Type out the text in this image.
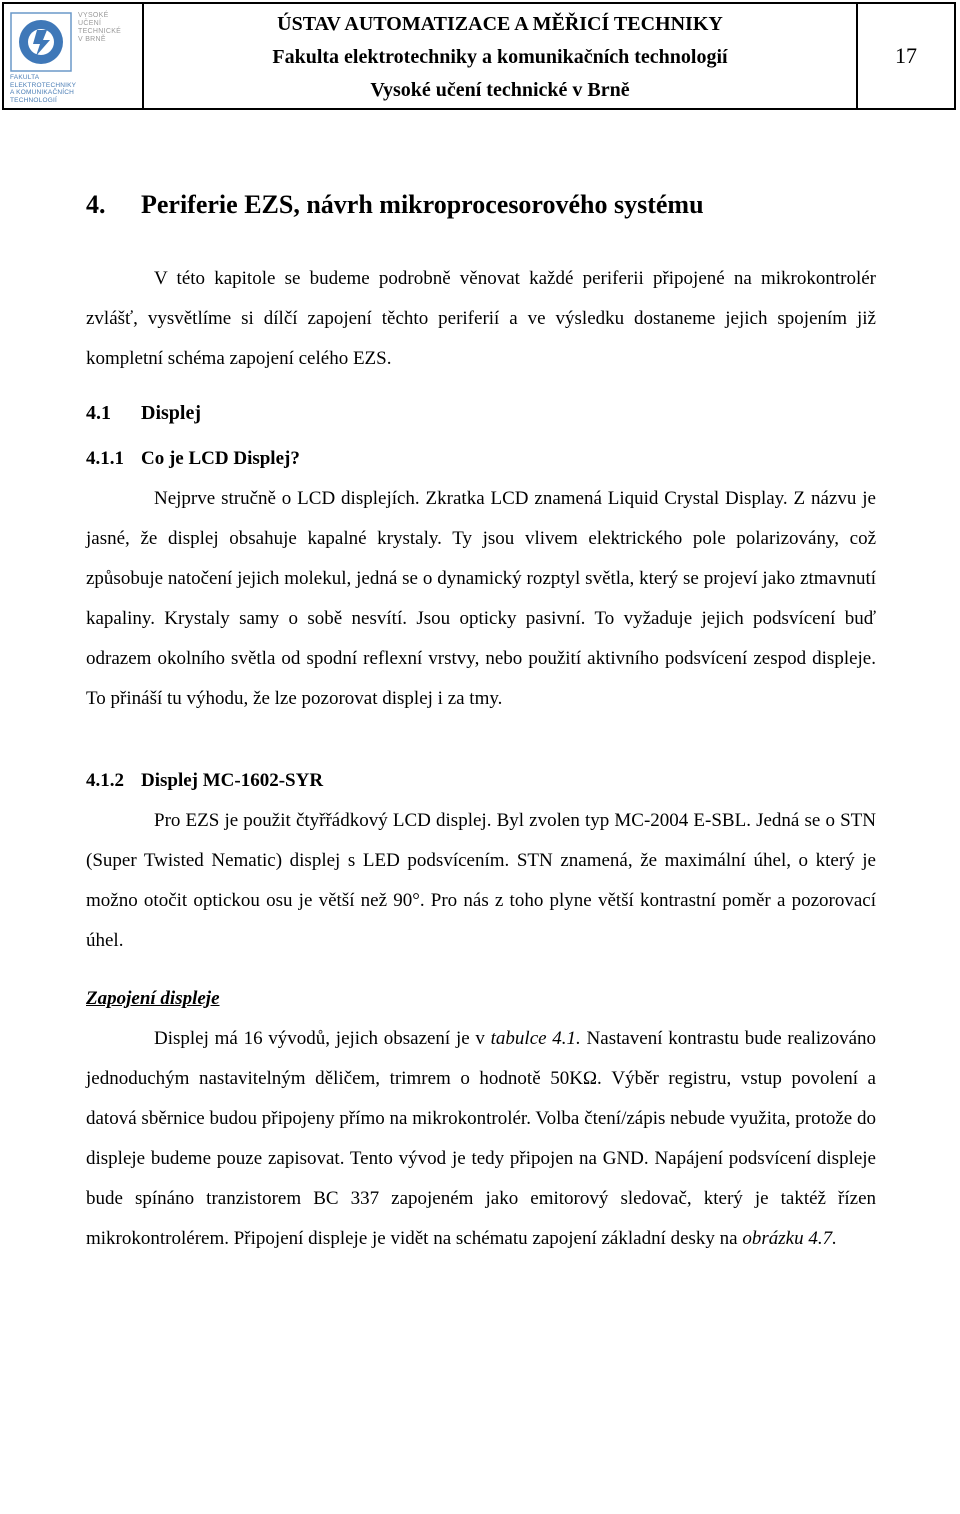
VYSOKÉ
UČENÍ
TECHNICKÉ
V BRNĚ
FAKULTA
ELEKTROTECHNIKY
A KOMUNIKAČNÍCH
TECHNOLOGIÍ
ÚSTAV AUTOMATIZACE A MĚŘICÍ TECHNIKY
Fakulta elektrotechniky a komunikačních technologií
Vysoké učení technické v Brně
17
4.	Periferie EZS, návrh mikroprocesorového systému

V této kapitole se budeme podrobně věnovat každé periferii připojené na mikrokontrolér zvlášť, vysvětlíme si dílčí zapojení těchto periferií a ve výsledku dostaneme jejich spojením již kompletní schéma zapojení celého EZS.

4.1 Displej
4.1.1 Co je LCD Displej?

Nejprve stručně o LCD displejích. Zkratka LCD znamená Liquid Crystal Display. Z názvu je jasné, že displej obsahuje kapalné krystaly. Ty jsou vlivem elektrického pole polarizovány, což způsobuje natočení jejich molekul, jedná se o dynamický rozptyl světla, který se projeví jako ztmavnutí kapaliny. Krystaly samy o sobě nesvítí. Jsou opticky pasivní. To vyžaduje jejich podsvícení buď odrazem okolního světla od spodní reflexní vrstvy, nebo použití aktivního podsvícení zespod displeje. To přináší tu výhodu, že lze pozorovat displej i za tmy.

4.1.2 Displej MC-1602-SYR

Pro EZS je použit čtyřřádkový LCD displej. Byl zvolen typ MC-2004 E-SBL. Jedná se o STN (Super Twisted Nematic) displej s LED podsvícením. STN znamená, že maximální úhel, o který je možno otočit optickou osu je větší než 90°. Pro nás z toho plyne větší kontrastní poměr a pozorovací úhel.

Zapojení displeje

Displej má 16 vývodů, jejich obsazení je v tabulce 4.1. Nastavení kontrastu bude realizováno jednoduchým nastavitelným děličem, trimrem o hodnotě 50KΩ. Výběr registru, vstup povolení a datová sběrnice budou připojeny přímo na mikrokontrolér. Volba čtení/zápis nebude využita, protože do displeje budeme pouze zapisovat. Tento vývod je tedy připojen na GND. Napájení podsvícení displeje bude spínáno tranzistorem BC 337 zapojeném jako emitorový sledovač, který je taktéž řízen mikrokontrolérem. Připojení displeje je vidět na schématu zapojení základní desky na obrázku 4.7.
